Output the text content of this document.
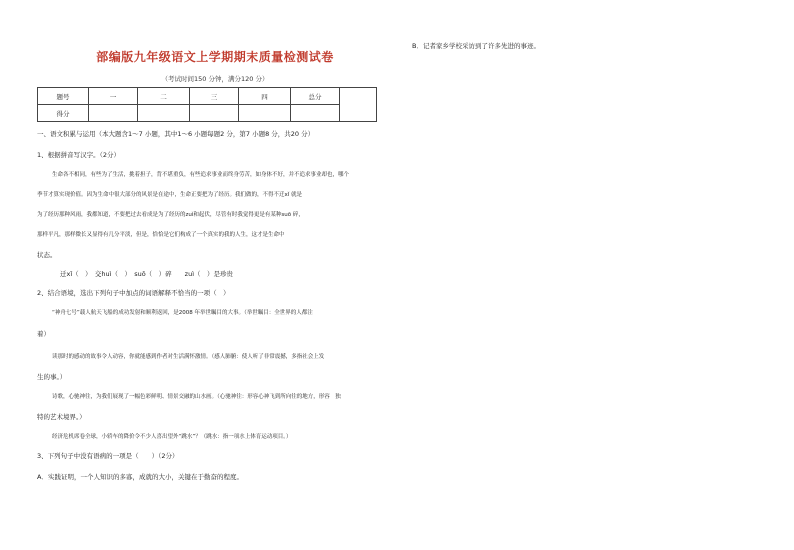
部编版九年级语文上学期期末质量检测试卷
（考试时间150 分钟，满分120 分）
题号	一	二	三	四	总分	
得分						
一、语文积累与运用（本大题含1～7 小题，其中1～6 小题每题2 分，第7 小题8 分，共20 分）
1、根据拼音写汉字。（2分）
生命各不相同，有些为了生活，挑着担子，背不堪重负，有些追求事业而终身劳苦，如身体不好，并不追求事业却也，哪个
季节才算实现价值。因为生命中很大部分的风景是在途中，生命正要把为了经历。我们做的，不得不迁xǐ 就是
为了经历那种风雨，我都知道，不要把过去看成是为了经历的zuì和起伏，尽管有时我觉得更是有某种suō 碎，
那样平凡，那样微长又显得有几分平淡，但是，恰恰是它们构成了一个真实的我的人生，这才是生命中
状态。
迁xǐ（　）　交huì（　）　suō（　）碎　　zuì（　）是珍贵
2、结合语境，选出下列句子中加点的词语解释不恰当的一项（　）
“神舟七号”载人航天飞船的成功发射和顺利返回，是2008 年举世瞩目的大事。（举世瞩目：全世界的人都注
着）
读那时的感动的故事令人动容，你就能感到作者对生活满怀激情。（感人肺腑：使人听了非常震撼，多指社会上发
生的事。）
诗歌，心驰神往，为我们展现了一幅色彩鲜明、情景交融的山水画。（心驰神往：形容心神飞到所向往的地方，形容　独
特的艺术境界。）
经济危机席卷全球，小轿车的降价令不少人喜出望外“跳水”？（跳水：指一项水上体育运动项目。）
3、下列句子中没有语病的一项是（　　）（2分）
A．实践证明，一个人知识的多寡，成就的大小，关键在于勤奋的程度。
B．记者家乡学校采访到了许多先进的事迹。
